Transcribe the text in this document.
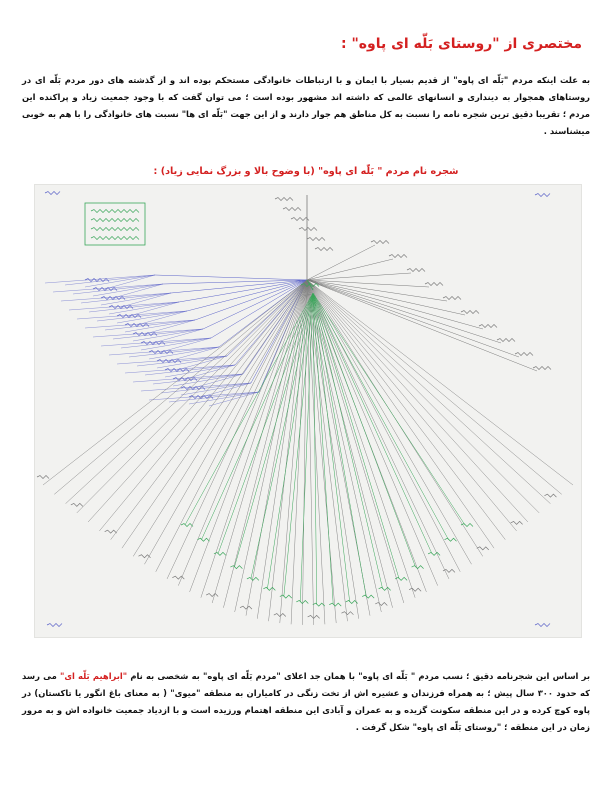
مختصری از "روستای بَلّه ای پاوه" :

به علت اینکه مردم "بَلّه ای پاوه" از قدیم بسیار با ایمان و با ارتباطات خانوادگی مستحکم بوده اند و از گذشته های دور مردم بَلّه ای در روستاهای همجوار به دینداری و انسانهای عالمی که داشته اند مشهور بوده است ؛ می توان گفت که با وجود جمعیت زیاد و پراکنده این مردم ؛ تقریبا دقیق ترین شجره نامه را نسبت به کل مناطق هم جوار دارند و از این جهت "بَلّه ای ها" نسبت های خانوادگی را با هم به خوبی میشناسند .

شجره نام مردم " بَلّه ای پاوه" (با وضوح بالا و بزرگ نمایی زیاد) :

بر اساس این شجرنامه دقیق ؛ نسب مردم " بَلّه ای پاوه" با همان جد اعلای "مردم بَلّه ای پاوه" به شخصی به نام "ابراهیم بَلّه ای" می رسد که حدود ۳۰۰ سال پیش ؛ به همراه فرزندان و عشیره اش از تخت زنگی در کامیاران به منطقه "میوی" ( به معنای باغ انگور یا تاکستان) در پاوه کوچ کرده و در این منطقه سکونت گزیده و به عمران و آبادی این منطقه اهتمام ورزیده است و با ازدیاد جمعیت خانواده اش و به مرور زمان در این منطقه ؛ "روستای بَلّه ای پاوه" شکل گرفت .
